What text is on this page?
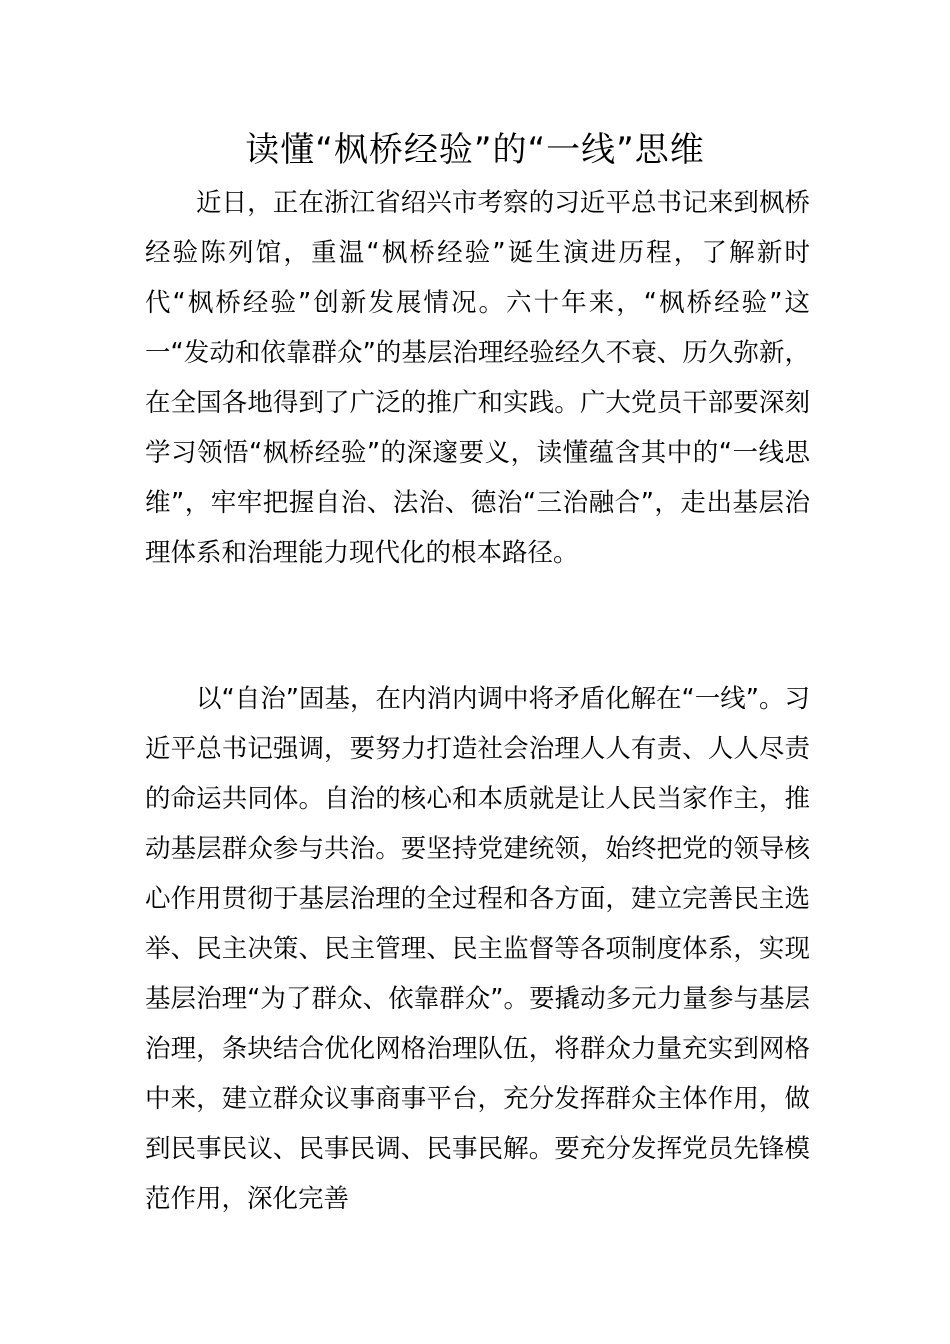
读懂“枫桥经验”的“一线”思维

近日，正在浙江省绍兴市考察的习近平总书记来到枫桥经验陈列馆，重温“枫桥经验”诞生演进历程，了解新时代“枫桥经验”创新发展情况。六十年来，“枫桥经验”这一“发动和依靠群众”的基层治理经验经久不衰、历久弥新，在全国各地得到了广泛的推广和实践。广大党员干部要深刻学习领悟“枫桥经验”的深邃要义，读懂蕴含其中的“一线思维”，牢牢把握自治、法治、德治“三治融合”，走出基层治理体系和治理能力现代化的根本路径。

以“自治”固基，在内消内调中将矛盾化解在“一线”。习近平总书记强调，要努力打造社会治理人人有责、人人尽责的命运共同体。自治的核心和本质就是让人民当家作主，推动基层群众参与共治。要坚持党建统领，始终把党的领导核心作用贯彻于基层治理的全过程和各方面，建立完善民主选举、民主决策、民主管理、民主监督等各项制度体系，实现基层治理“为了群众、依靠群众”。要撬动多元力量参与基层治理，条块结合优化网格治理队伍，将群众力量充实到网格中来，建立群众议事商事平台，充分发挥群众主体作用，做到民事民议、民事民调、民事民解。要充分发挥党员先锋模范作用，深化完善
